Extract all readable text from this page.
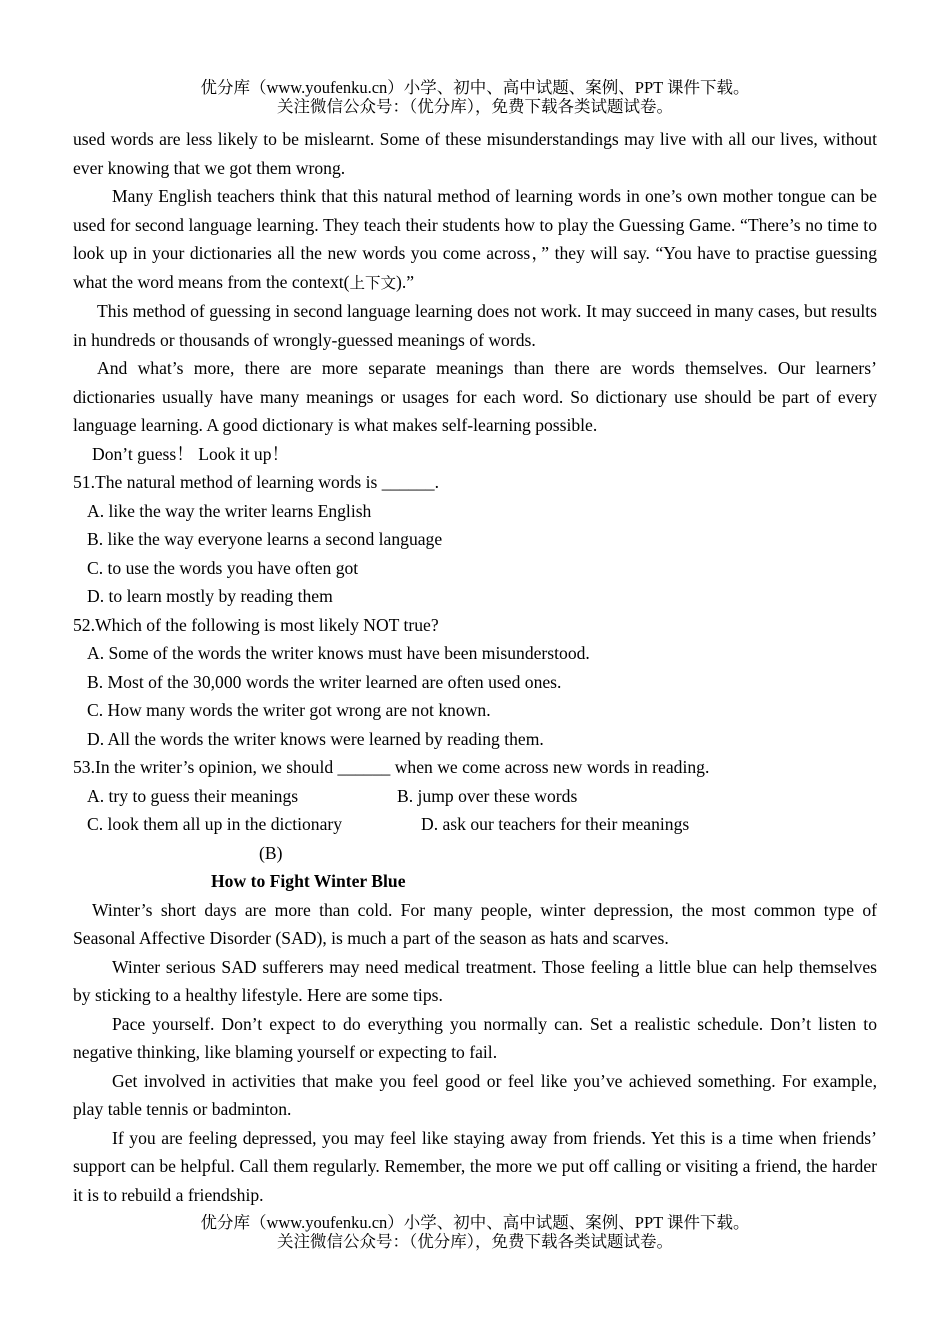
优分库（www.youfenku.cn）小学、初中、高中试题、案例、PPT 课件下载。
关注微信公众号：（优分库），免费下载各类试题试卷。

used words are less likely to be mislearnt. Some of these misunderstandings may live with all our lives, without ever knowing that we got them wrong.

Many English teachers think that this natural method of learning words in one’s own mother tongue can be used for second language learning. They teach their students how to play the Guessing Game. “There’s no time to look up in your dictionaries all the new words you come across，” they will say. “You have to practise guessing what the word means from the context(上下文).”

This method of guessing in second language learning does not work. It may succeed in many cases, but results in hundreds or thousands of wrongly-guessed meanings of words.

And what’s more, there are more separate meanings than there are words themselves. Our learners’ dictionaries usually have many meanings or usages for each word. So dictionary use should be part of every language learning. A good dictionary is what makes self-learning possible.

Don’t guess！ Look it up！

51.The natural method of learning words is ______.

A. like the way the writer learns English

B. like the way everyone learns a second language

C. to use the words you have often got

D. to learn mostly by reading them

52.Which of the following is most likely NOT true?

A. Some of the words the writer knows must have been misunderstood.

B. Most of the 30,000 words the writer learned are often used ones.

C. How many words the writer got wrong are not known.

D. All the words the writer knows were learned by reading them.

53.In the writer’s opinion, we should ______ when we come across new words in reading.

A. try to guess their meanings	B. jump over these words
C. look them all up in the dictionary	D. ask our teachers for their meanings

(B)

How to Fight Winter Blue

Winter’s short days are more than cold. For many people, winter depression, the most common type of Seasonal Affective Disorder (SAD), is much a part of the season as hats and scarves.

Winter serious SAD sufferers may need medical treatment. Those feeling a little blue can help themselves by sticking to a healthy lifestyle. Here are some tips.

Pace yourself. Don’t expect to do everything you normally can. Set a realistic schedule. Don’t listen to negative thinking, like blaming yourself or expecting to fail.

Get involved in activities that make you feel good or feel like you’ve achieved something. For example, play table tennis or badminton.

If you are feeling depressed, you may feel like staying away from friends. Yet this is a time when friends’ support can be helpful. Call them regularly. Remember, the more we put off calling or visiting a friend, the harder it is to rebuild a friendship.

优分库（www.youfenku.cn）小学、初中、高中试题、案例、PPT 课件下载。
关注微信公众号：（优分库），免费下载各类试题试卷。
